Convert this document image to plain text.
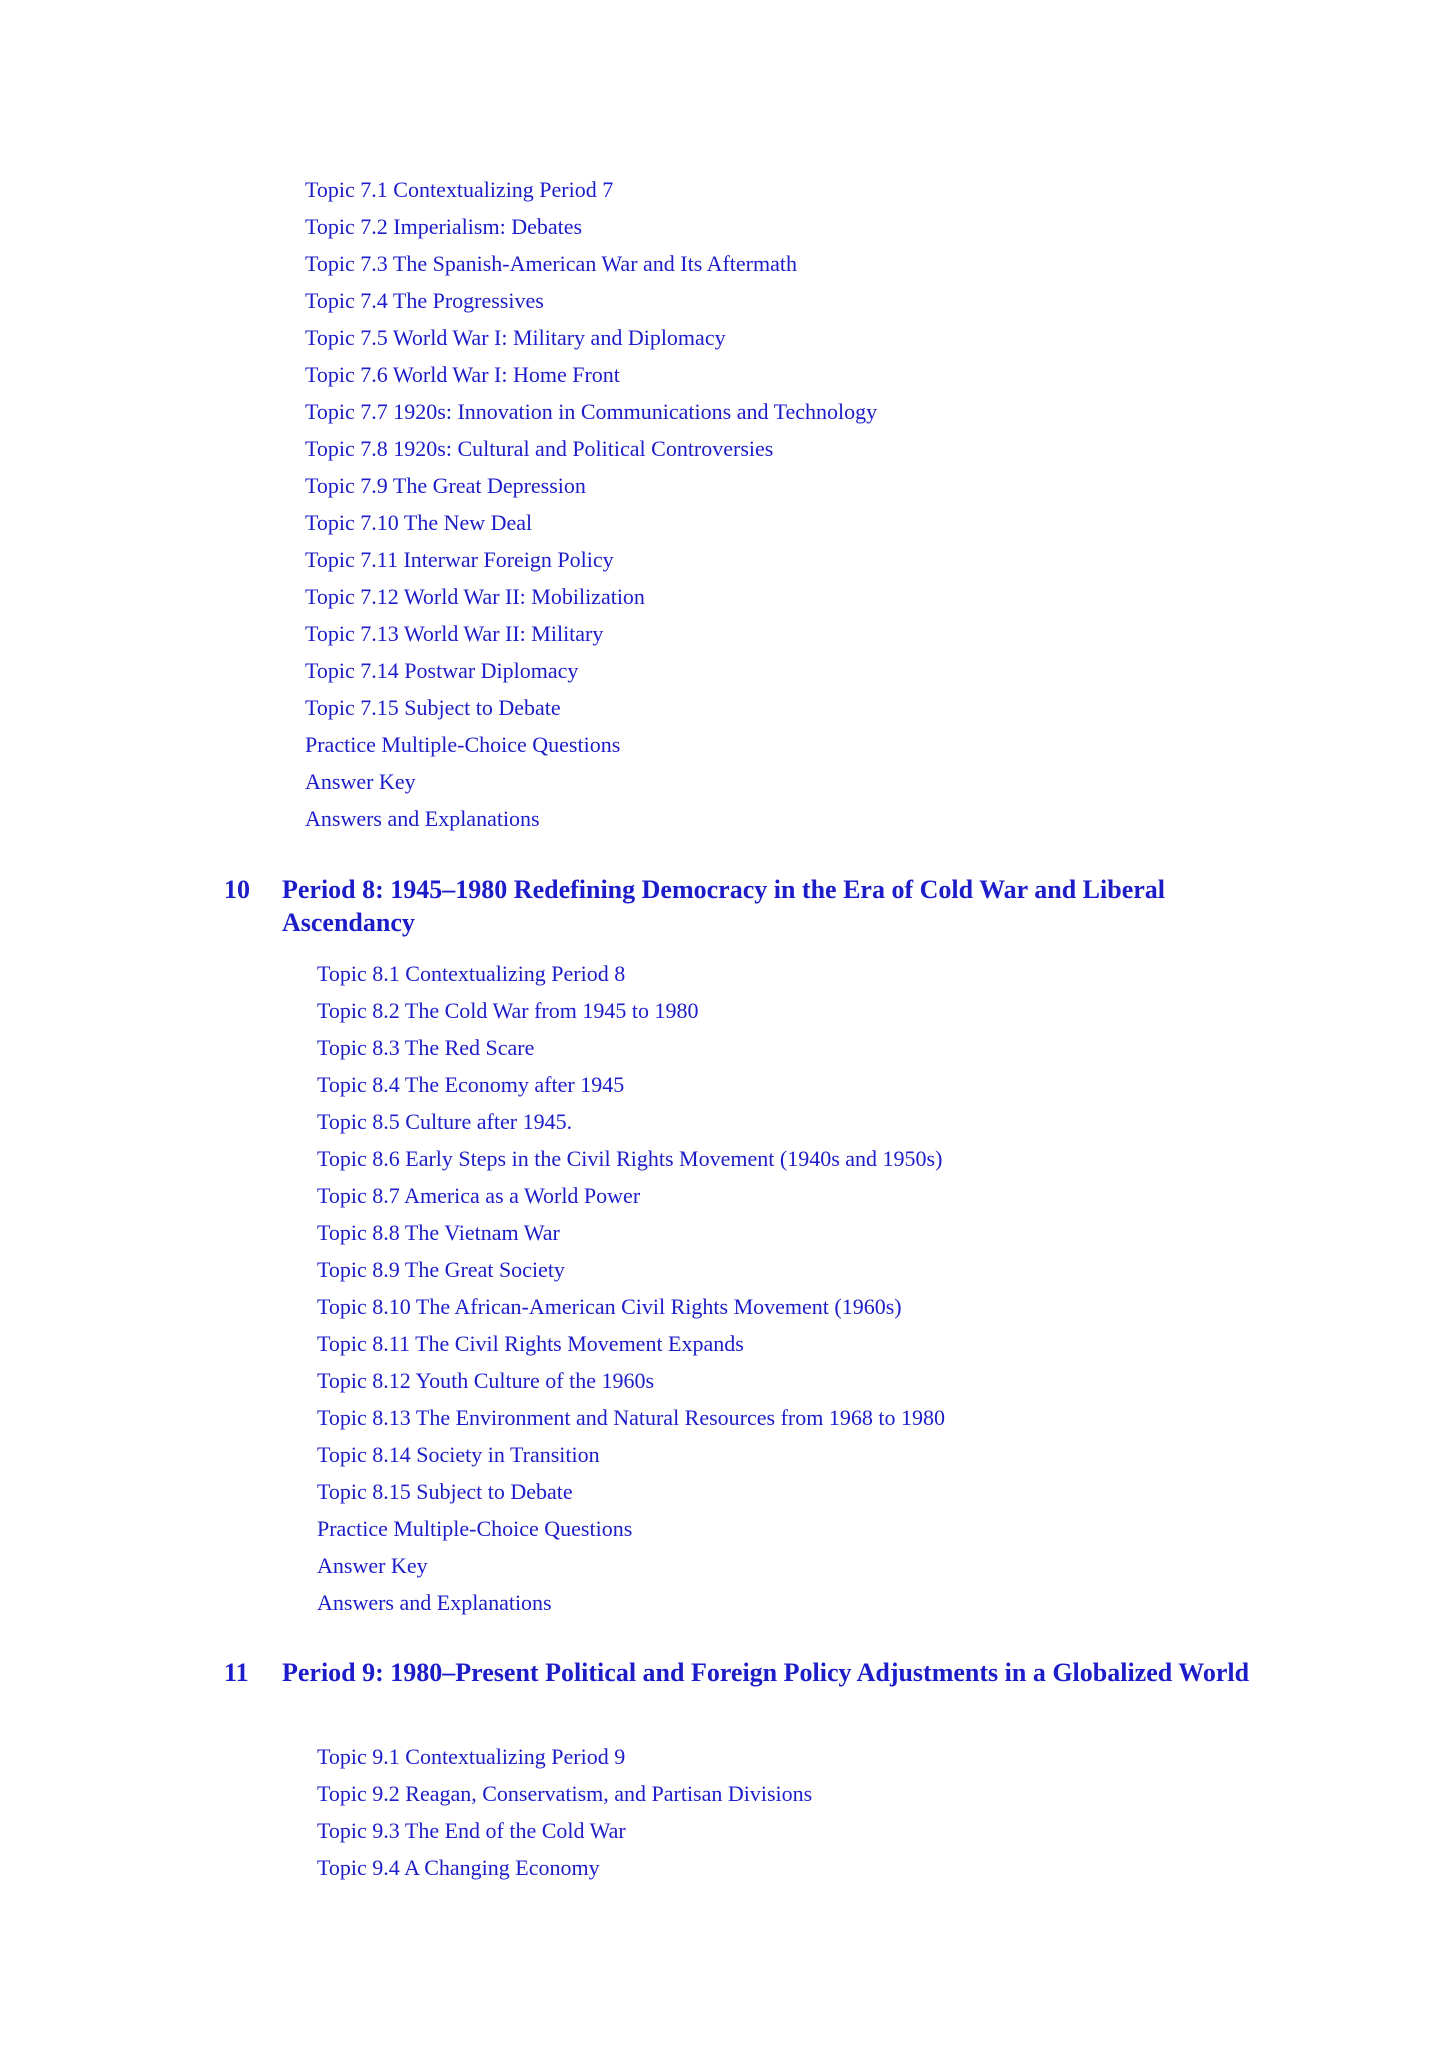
Topic 7.1 Contextualizing Period 7
Topic 7.2 Imperialism: Debates
Topic 7.3 The Spanish-American War and Its Aftermath
Topic 7.4 The Progressives
Topic 7.5 World War I: Military and Diplomacy
Topic 7.6 World War I: Home Front
Topic 7.7 1920s: Innovation in Communications and Technology
Topic 7.8 1920s: Cultural and Political Controversies
Topic 7.9 The Great Depression
Topic 7.10 The New Deal
Topic 7.11 Interwar Foreign Policy
Topic 7.12 World War II: Mobilization
Topic 7.13 World War II: Military
Topic 7.14 Postwar Diplomacy
Topic 7.15 Subject to Debate
Practice Multiple-Choice Questions
Answer Key
Answers and Explanations
10 Period 8: 1945–1980 Redefining Democracy in the Era of Cold War and Liberal Ascendancy
Topic 8.1 Contextualizing Period 8
Topic 8.2 The Cold War from 1945 to 1980
Topic 8.3 The Red Scare
Topic 8.4 The Economy after 1945
Topic 8.5 Culture after 1945.
Topic 8.6 Early Steps in the Civil Rights Movement (1940s and 1950s)
Topic 8.7 America as a World Power
Topic 8.8 The Vietnam War
Topic 8.9 The Great Society
Topic 8.10 The African-American Civil Rights Movement (1960s)
Topic 8.11 The Civil Rights Movement Expands
Topic 8.12 Youth Culture of the 1960s
Topic 8.13 The Environment and Natural Resources from 1968 to 1980
Topic 8.14 Society in Transition
Topic 8.15 Subject to Debate
Practice Multiple-Choice Questions
Answer Key
Answers and Explanations
11 Period 9: 1980–Present Political and Foreign Policy Adjustments in a Globalized World
Topic 9.1 Contextualizing Period 9
Topic 9.2 Reagan, Conservatism, and Partisan Divisions
Topic 9.3 The End of the Cold War
Topic 9.4 A Changing Economy
